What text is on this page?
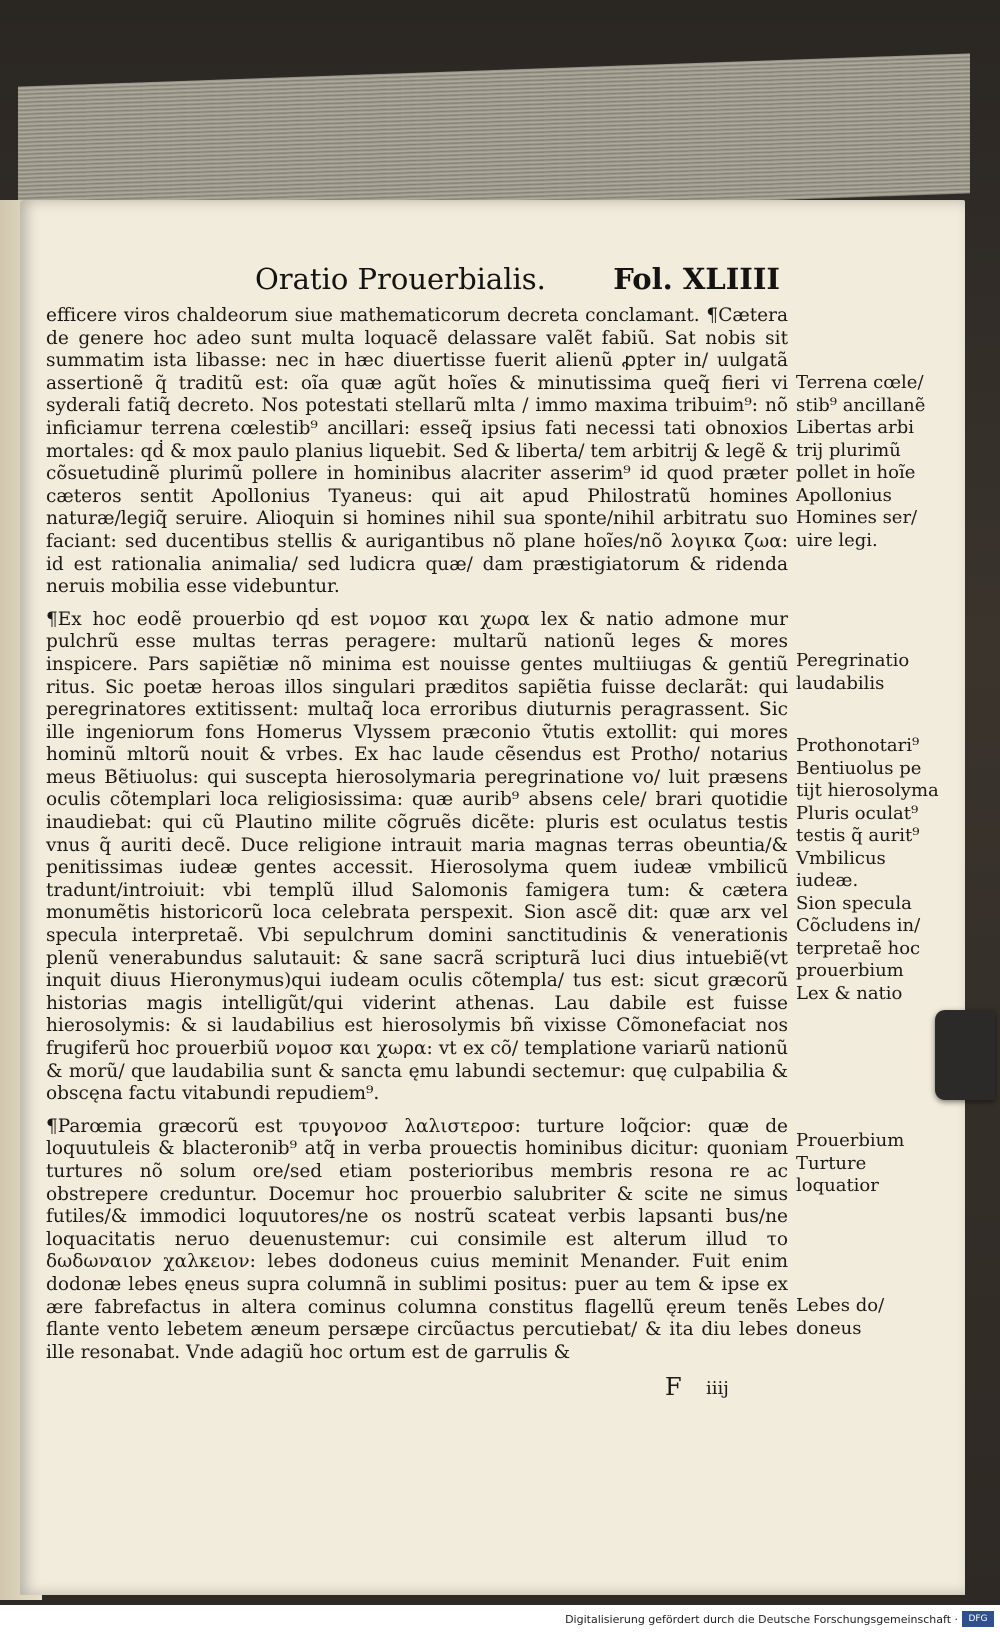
Oratio Prouerbialis. Fol. XLIIII

efficere viros chaldeorum siue mathematicorum decreta conclamant. ¶Cætera de genere hoc adeo sunt multa loquacẽ delassare valẽt fabiũ. Sat nobis sit summatim ista libasse: nec in hæc diuertisse fuerit alienũ ꝓpter in/ uulgatã assertionẽ q̃ traditũ est: oĩa quæ agũt hoĩes & minutissima queq̃ fieri vi syderali fatiq̃ decreto. Nos potestati stellarũ mlta / immo maxima tribuim⁹: nõ inficiamur terrena cœlestib⁹ ancillari: esseq̃ ipsius fati necessi tati obnoxios mortales: qḋ & mox paulo planius liquebit. Sed & liberta/ tem arbitrij & legẽ & cõsuetudinẽ plurimũ pollere in hominibus alacriter asserim⁹ id quod præter cæteros sentit Apollonius Tyaneus: qui ait apud Philostratũ homines naturæ/legiq̃ seruire. Alioquin si homines nihil sua sponte/nihil arbitratu suo faciant: sed ducentibus stellis & aurigantibus nõ plane hoĩes/nõ λογικα ζωα: id est rationalia animalia/ sed ludicra quæ/ dam præstigiatorum & ridenda neruis mobilia esse videbuntur.

¶Ex hoc eodẽ prouerbio qḋ est νομοσ και χωρα lex & natio admone mur pulchrũ esse multas terras peragere: multarũ nationũ leges & mores inspicere. Pars sapiẽtiæ nõ minima est nouisse gentes multiiugas & gentiũ ritus. Sic poetæ heroas illos singulari præditos sapiẽtia fuisse declarãt: qui peregrinatores extitissent: multaq̃ loca erroribus diuturnis peragrassent. Sic ille ingeniorum fons Homerus Vlyssem præconio ṽtutis extollit: qui mores hominũ mltorũ nouit & vrbes. Ex hac laude cẽsendus est Protho/ notarius meus Bẽtiuolus: qui suscepta hierosolymaria peregrinatione vo/ luit præsens oculis cõtemplari loca religiosissima: quæ aurib⁹ absens cele/ brari quotidie inaudiebat: qui cũ Plautino milite cõgruẽs dicẽte: pluris est oculatus testis vnus q̃ auriti decẽ. Duce religione intrauit maria magnas terras obeuntia/& penitissimas iudeæ gentes accessit. Hierosolyma quem iudeæ vmbilicũ tradunt/introiuit: vbi templũ illud Salomonis famigera tum: & cætera monumẽtis historicorũ loca celebrata perspexit. Sion ascẽ dit: quæ arx vel specula interpretaẽ. Vbi sepulchrum domini sanctitudinis & venerationis plenũ venerabundus salutauit: & sane sacrã scripturã luci dius intuebiẽ(vt inquit diuus Hieronymus)qui iudeam oculis cõtempla/ tus est: sicut græcorũ historias magis intelligũt/qui viderint athenas. Lau dabile est fuisse hierosolymis: & si laudabilius est hierosolymis bñ vixisse Cõmonefaciat nos frugiferũ hoc prouerbiũ νομοσ και χωρα: vt ex cõ/ templatione variarũ nationũ & morũ/ que laudabilia sunt & sancta ęmu labundi sectemur: quę culpabilia & obscęna factu vitabundi repudiem⁹.

¶Parœmia græcorũ est τρυγονοσ λαλιστεροσ: turture loq̃cior: quæ de loquutuleis & blacteronib⁹ atq̃ in verba prouectis hominibus dicitur: quoniam turtures nõ solum ore/sed etiam posterioribus membris resona re ac obstrepere creduntur. Docemur hoc prouerbio salubriter & scite ne simus futiles/& immodici loquutores/ne os nostrũ scateat verbis lapsanti bus/ne loquacitatis neruo deuenustemur: cui consimile est alterum illud το δωδωναιον χαλκειον: lebes dodoneus cuius meminit Menander. Fuit enim dodonæ lebes ęneus supra columnã in sublimi positus: puer au tem & ipse ex ære fabrefactus in altera cominus columna constitus flagellũ ęreum tenẽs flante vento lebetem æneum persæpe circũactus percutiebat/ & ita diu lebes ille resonabat. Vnde adagiũ hoc ortum est de garrulis &

Terrena cœle/ stib⁹ ancillanẽ
Libertas arbi trij plurimũ pollet in hoĩe
Apollonius
Homines ser/ uire legi.
Peregrinatio laudabilis
Prothonotari⁹ Bentiuolus pe tijt hierosolyma
Pluris oculat⁹ testis q̃ aurit⁹
Vmbilicus iudeæ.
Sion specula
Cõcludens in/ terpretaẽ hoc prouerbium
Lex & natio
Prouerbium
Turture loquatior
Lebes do/ doneus
F iiij
Digitalisierung gefördert durch die Deutsche Forschungsgemeinschaft ·	DFG
